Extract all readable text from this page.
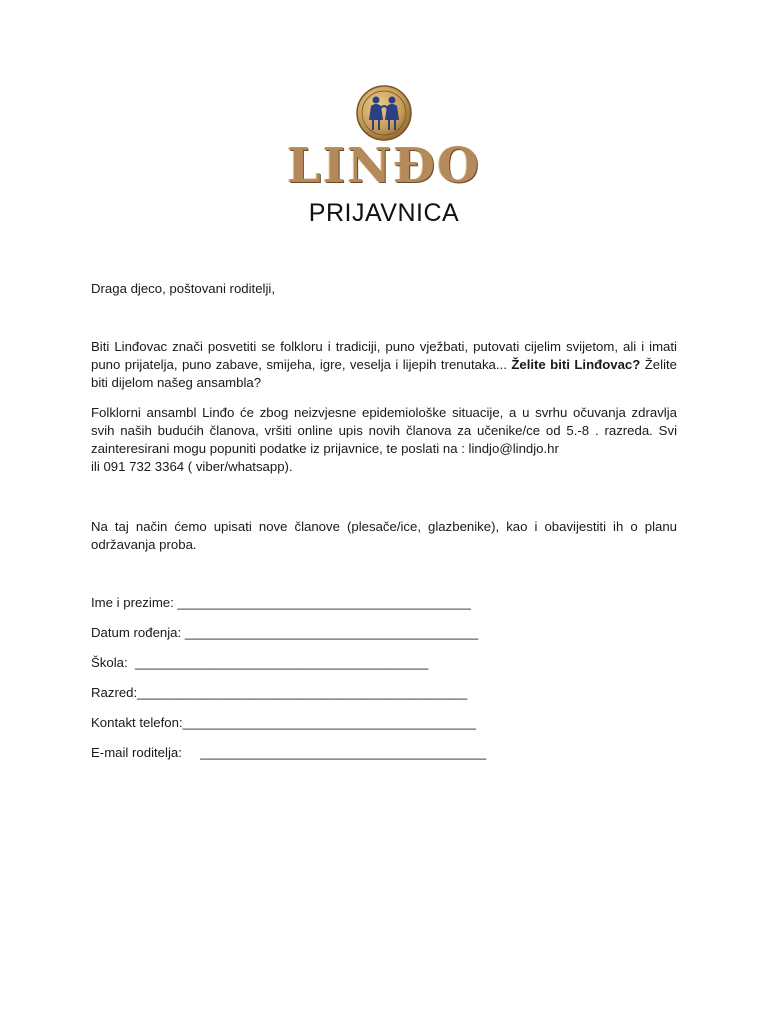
LINĐO
PRIJAVNICA
Draga djeco, poštovani roditelji,
Biti Linđovac znači posvetiti se folkloru i tradiciji, puno vježbati, putovati cijelim svijetom, ali i imati puno prijatelja, puno zabave, smijeha, igre, veselja i lijepih trenutaka... Želite biti Linđovac? Želite biti dijelom našeg ansambla?
Folklorni ansambl Linđo će zbog neizvjesne epidemiološke situacije, a u svrhu očuvanja zdravlja svih naših budućih članova, vršiti online upis novih članova za učenike/ce od 5.-8 . razreda. Svi zainteresirani mogu popuniti podatke iz prijavnice, te poslati na : lindjo@lindjo.hr
ili 091 732 3364 ( viber/whatsapp).
Na taj način ćemo upisati nove članove (plesače/ice, glazbenike), kao i obavijestiti ih o planu održavanja proba.
Ime i prezime: ________________________________________
Datum rođenja: ________________________________________
Škola:  ________________________________________
Razred:_____________________________________________
Kontakt telefon:________________________________________
E-mail roditelja:     _______________________________________
